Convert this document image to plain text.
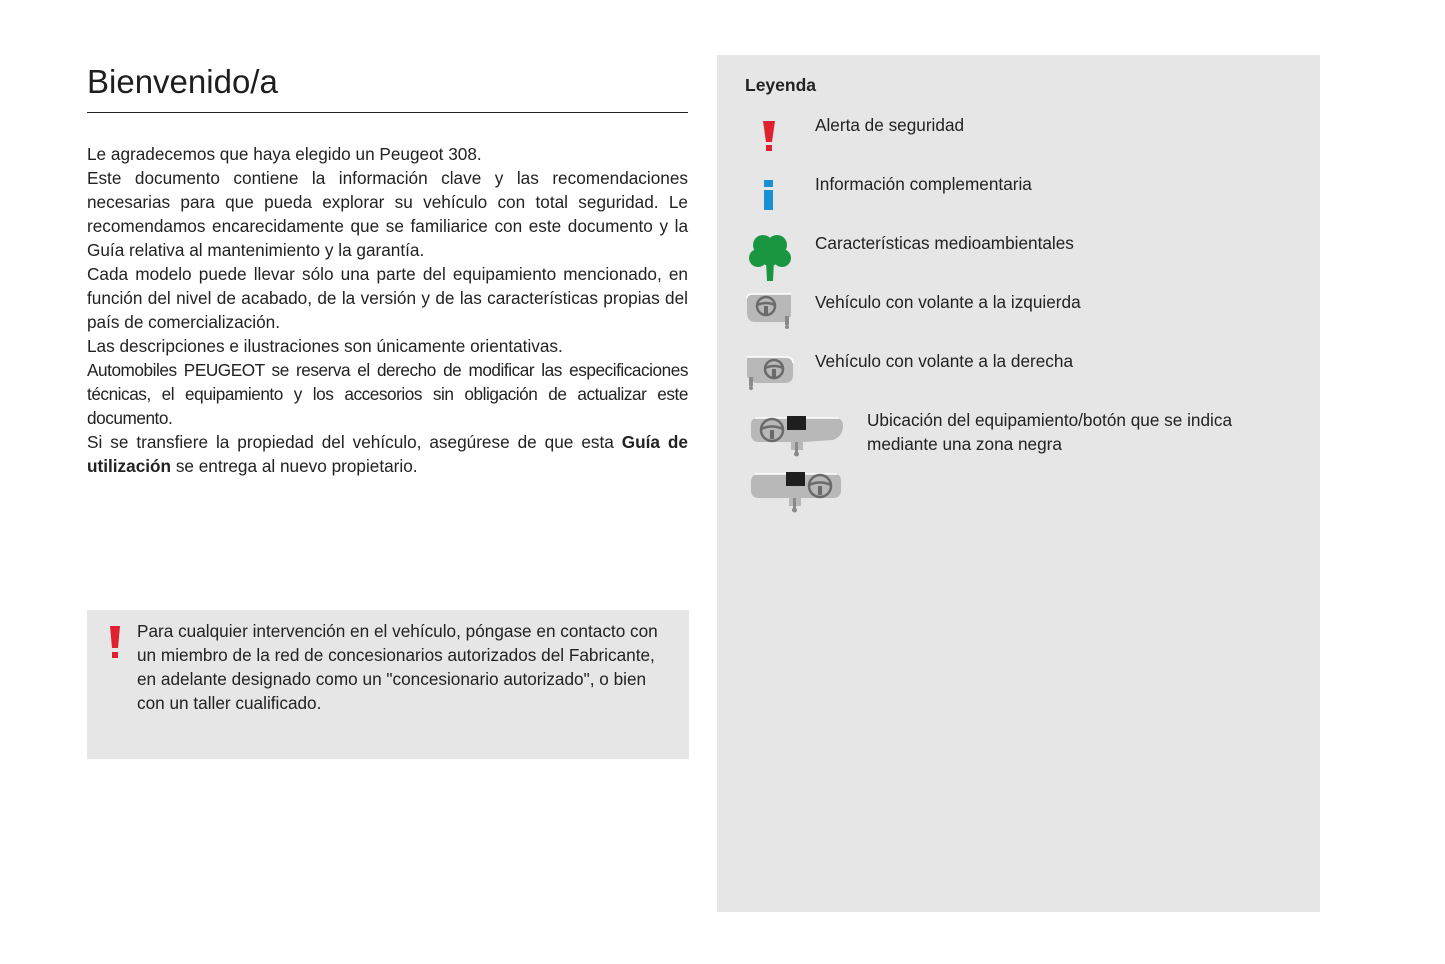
Bienvenido/a

Le agradecemos que haya elegido un Peugeot 308.

Este documento contiene la información clave y las recomendaciones necesarias para que pueda explorar su vehículo con total seguridad. Le recomendamos encarecidamente que se familiarice con este documento y la Guía relativa al mantenimiento y la garantía.

Cada modelo puede llevar sólo una parte del equipamiento mencionado, en función del nivel de acabado, de la versión y de las características propias del país de comercialización.

Las descripciones e ilustraciones son únicamente orientativas.

Automobiles PEUGEOT se reserva el derecho de modificar las especificaciones técnicas, el equipamiento y los accesorios sin obligación de actualizar este documento.

Si se transfiere la propiedad del vehículo, asegúrese de que esta Guía de utilización se entrega al nuevo propietario.

Para cualquier intervención en el vehículo, póngase en contacto con un miembro de la red de concesionarios autorizados del Fabricante, en adelante designado como un "concesionario autorizado", o bien con un taller cualificado.

Leyenda
Alerta de seguridad
Información complementaria
Características medioambientales
Vehículo con volante a la izquierda
Vehículo con volante a la derecha
Ubicación del equipamiento/botón que se indica mediante una zona negra
